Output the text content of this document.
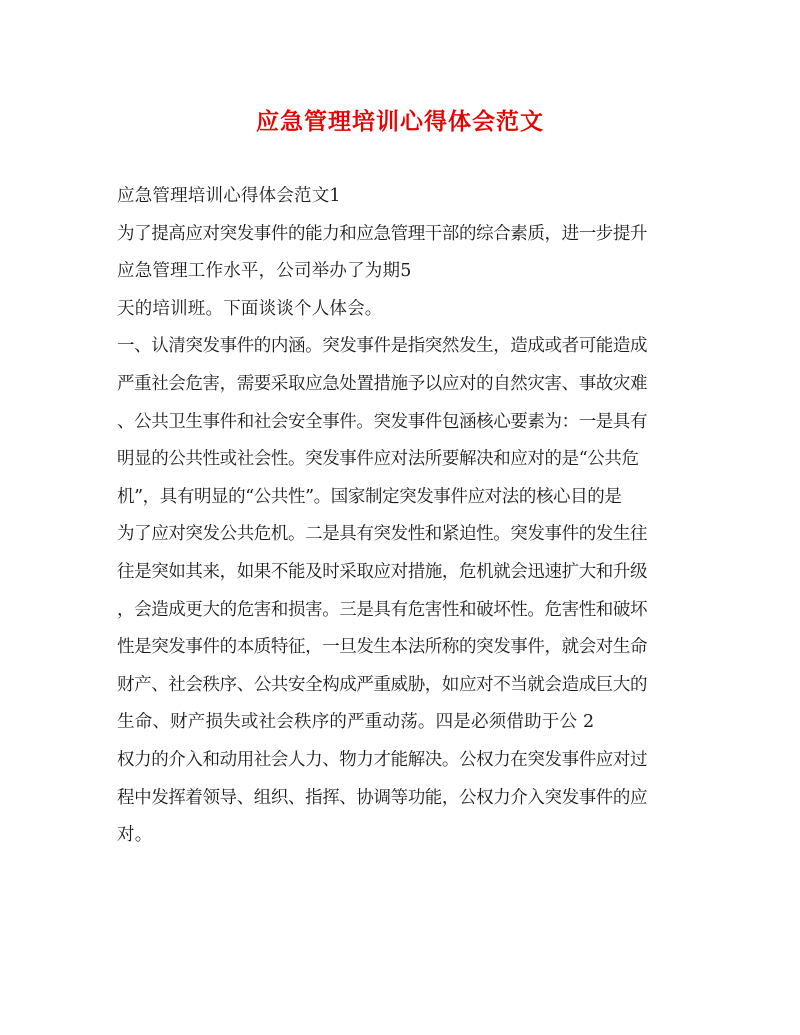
应急管理培训心得体会范文
应急管理培训心得体会范文1
为了提高应对突发事件的能力和应急管理干部的综合素质，进一步提升
应急管理工作水平，公司举办了为期5
天的培训班。下面谈谈个人体会。
一、认清突发事件的内涵。突发事件是指突然发生，造成或者可能造成
严重社会危害，需要采取应急处置措施予以应对的自然灾害、事故灾难
、公共卫生事件和社会安全事件。突发事件包涵核心要素为：一是具有
明显的公共性或社会性。突发事件应对法所要解决和应对的是“公共危
机”，具有明显的“公共性”。国家制定突发事件应对法的核心目的是
为了应对突发公共危机。二是具有突发性和紧迫性。突发事件的发生往
往是突如其来，如果不能及时采取应对措施，危机就会迅速扩大和升级
，会造成更大的危害和损害。三是具有危害性和破坏性。危害性和破坏
性是突发事件的本质特征，一旦发生本法所称的突发事件，就会对生命
财产、社会秩序、公共安全构成严重威胁，如应对不当就会造成巨大的
生命、财产损失或社会秩序的严重动荡。四是必须借助于公 2
权力的介入和动用社会人力、物力才能解决。公权力在突发事件应对过
程中发挥着领导、组织、指挥、协调等功能，公权力介入突发事件的应
对。
